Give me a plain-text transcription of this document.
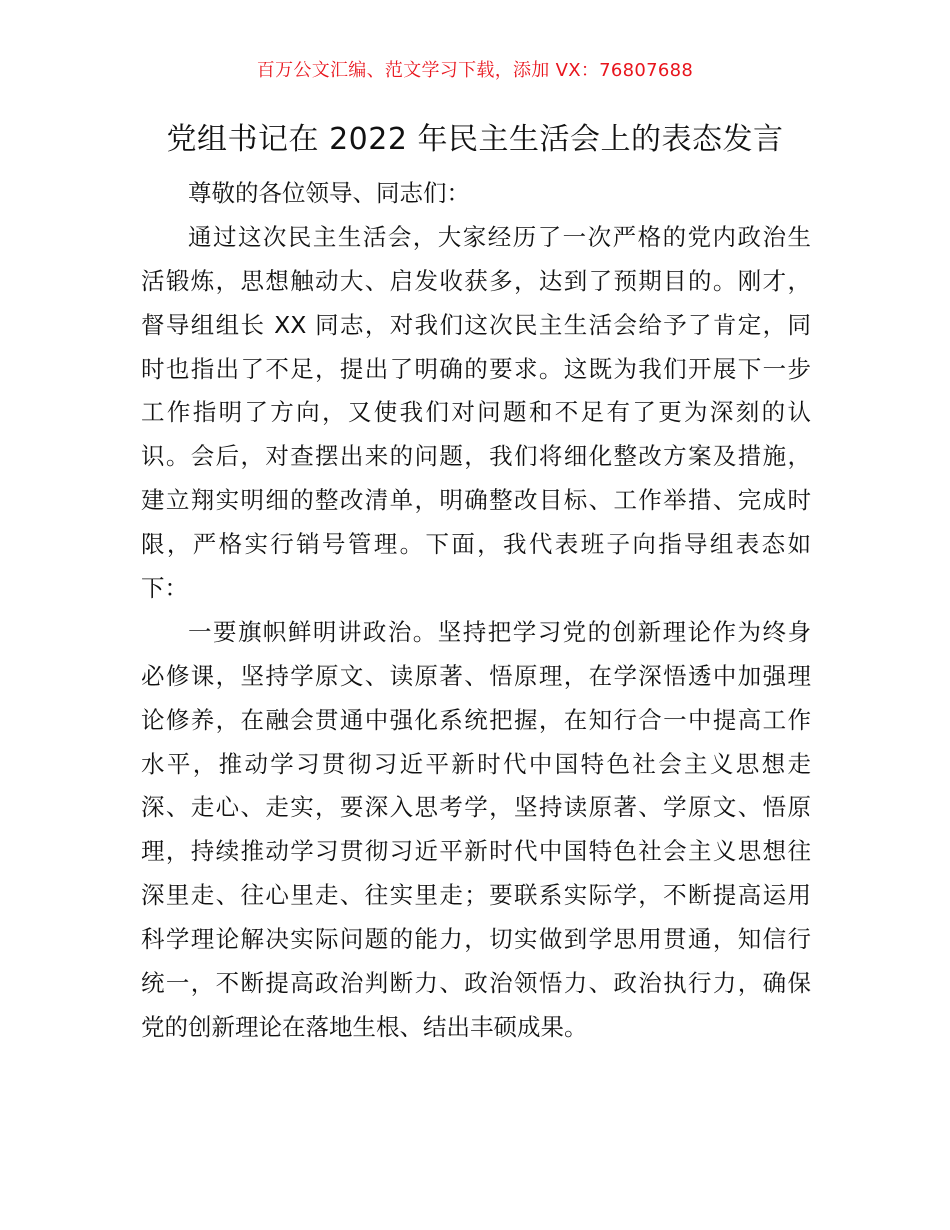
百万公文汇编、范文学习下载，添加 VX：76807688
党组书记在 2022 年民主生活会上的表态发言
尊敬的各位领导、同志们：
通过这次民主生活会，大家经历了一次严格的党内政治生
活锻炼，思想触动大、启发收获多，达到了预期目的。刚才，
督导组组长 XX 同志，对我们这次民主生活会给予了肯定，同
时也指出了不足，提出了明确的要求。这既为我们开展下一步
工作指明了方向，又使我们对问题和不足有了更为深刻的认
识。会后，对查摆出来的问题，我们将细化整改方案及措施，
建立翔实明细的整改清单，明确整改目标、工作举措、完成时
限，严格实行销号管理。下面，我代表班子向指导组表态如
下：
一要旗帜鲜明讲政治。坚持把学习党的创新理论作为终身
必修课，坚持学原文、读原著、悟原理，在学深悟透中加强理
论修养，在融会贯通中强化系统把握，在知行合一中提高工作
水平，推动学习贯彻习近平新时代中国特色社会主义思想走
深、走心、走实，要深入思考学，坚持读原著、学原文、悟原
理，持续推动学习贯彻习近平新时代中国特色社会主义思想往
深里走、往心里走、往实里走；要联系实际学，不断提高运用
科学理论解决实际问题的能力，切实做到学思用贯通，知信行
统一，不断提高政治判断力、政治领悟力、政治执行力，确保
党的创新理论在落地生根、结出丰硕成果。
